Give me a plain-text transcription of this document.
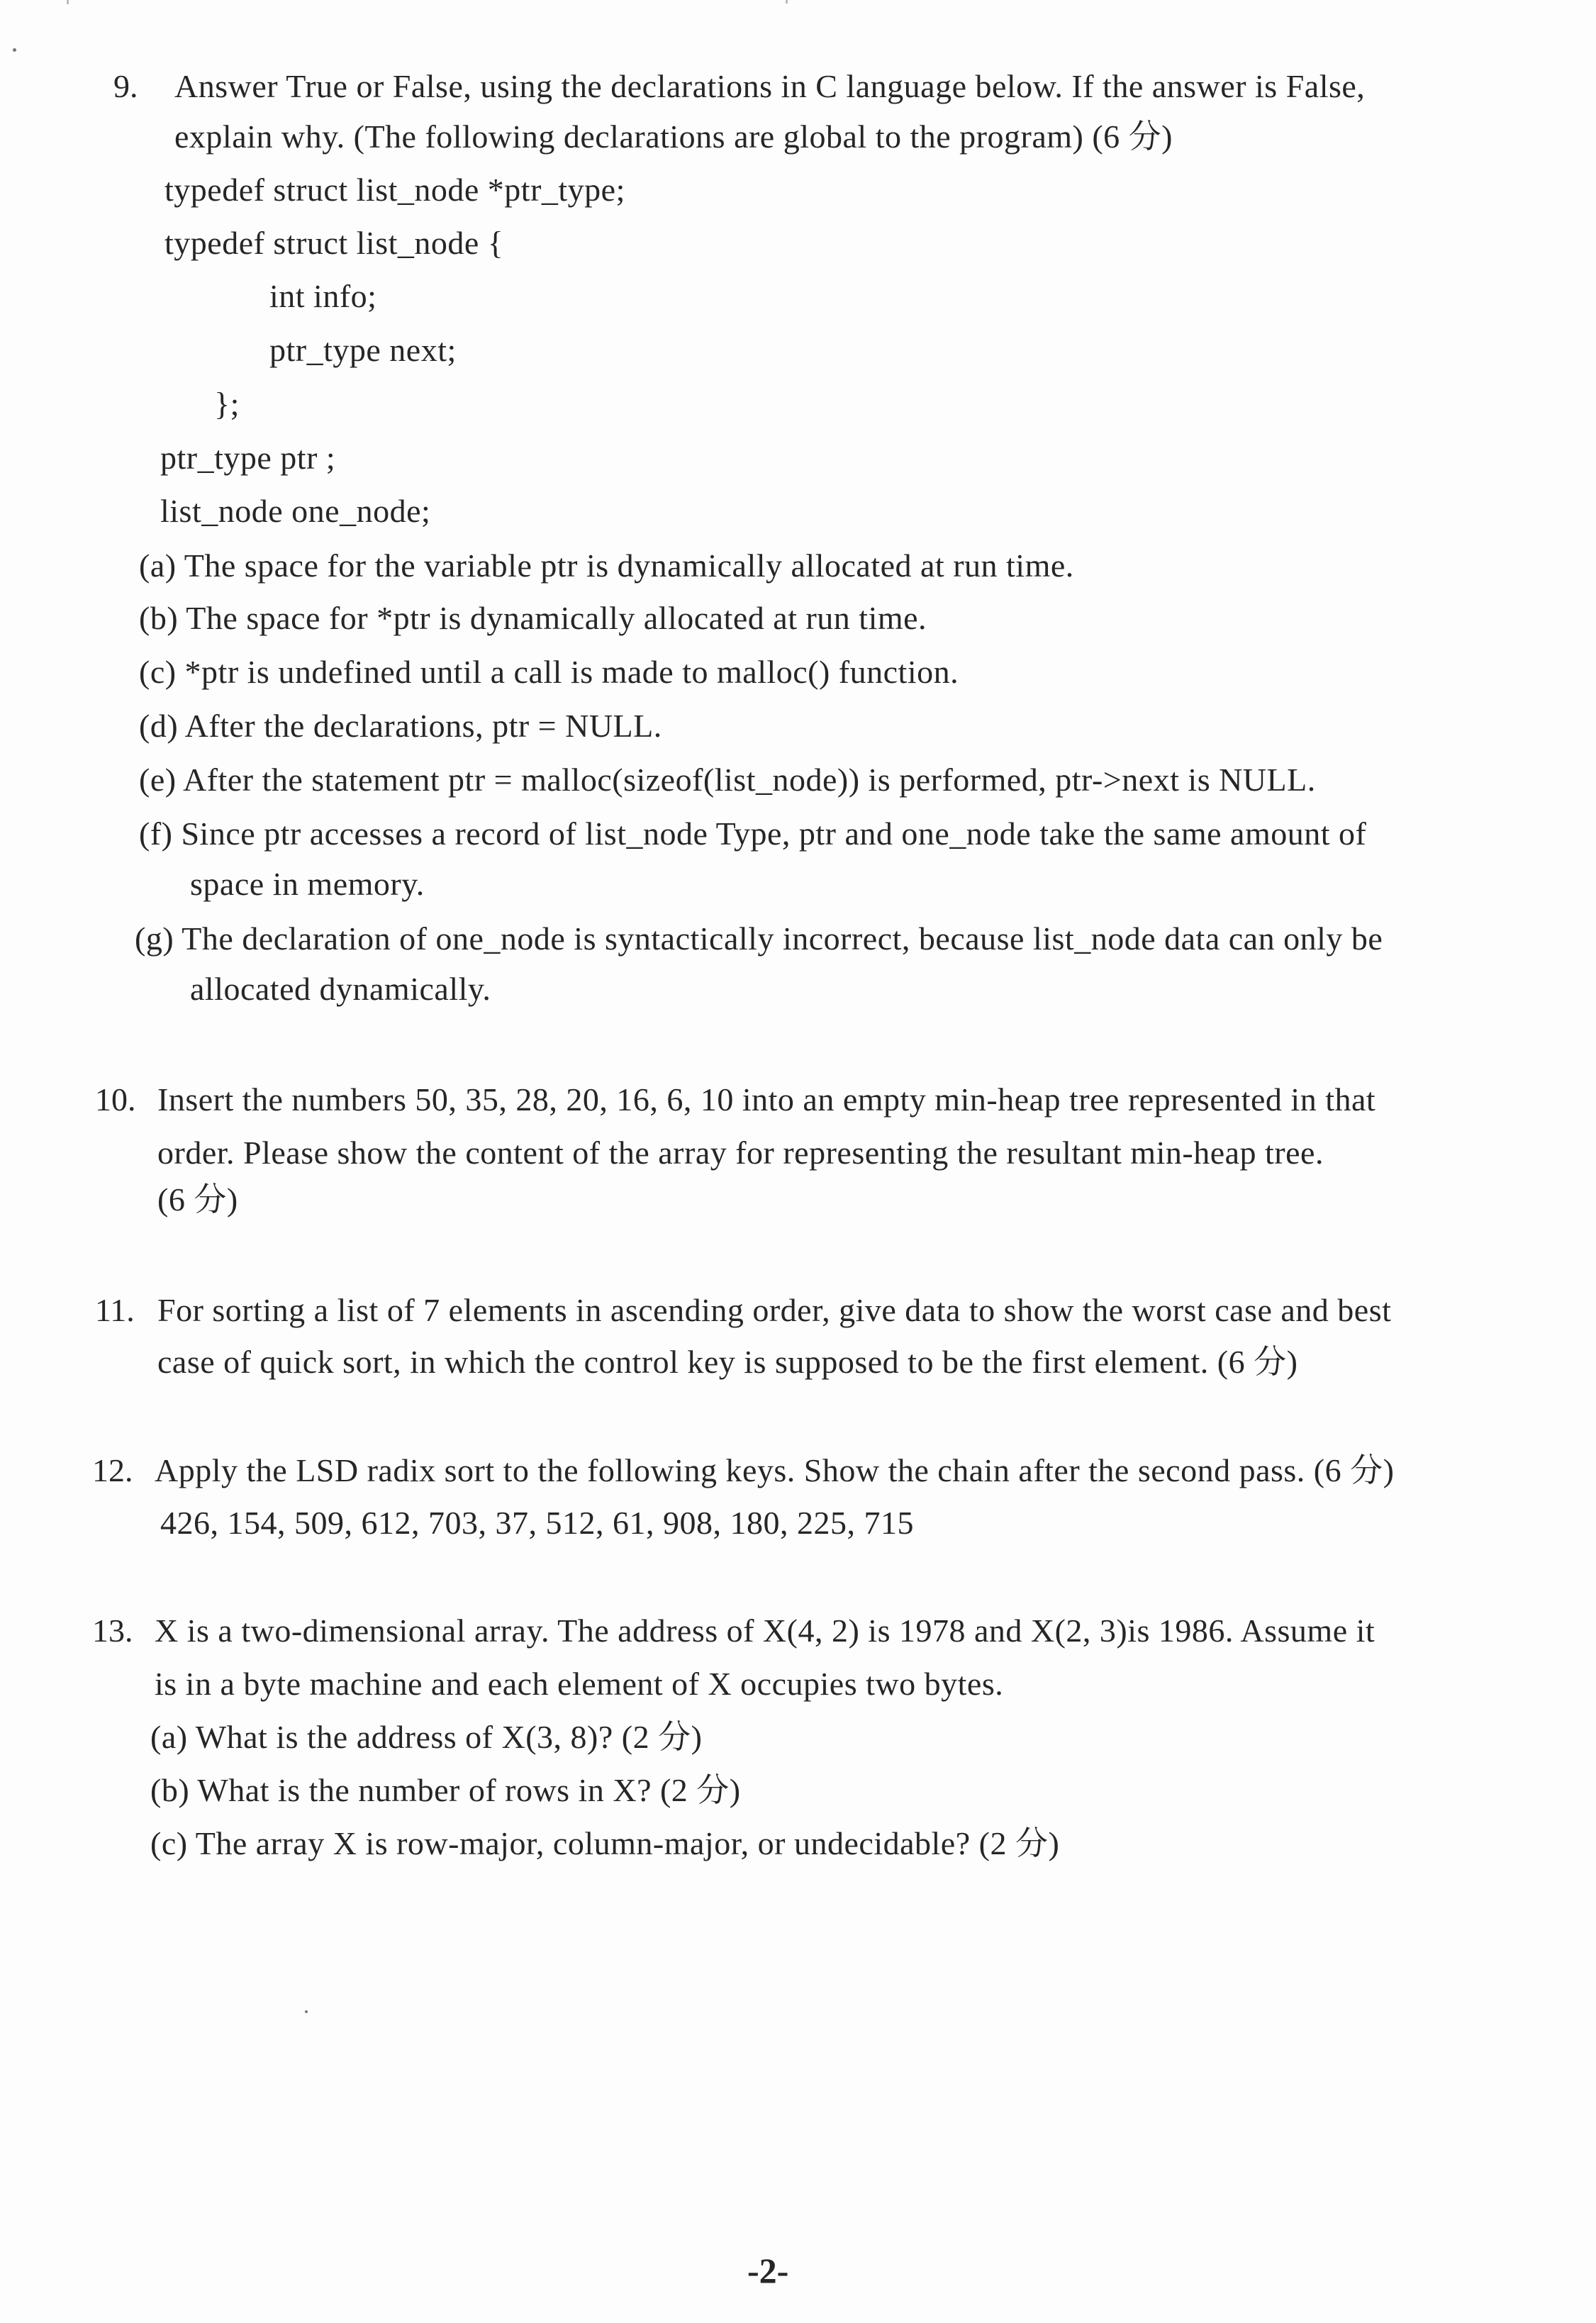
9. Answer True or False, using the declarations in C language below. If the answer is False,
explain why. (The following declarations are global to the program) (6 分)
typedef struct list_node *ptr_type;
typedef struct list_node {
int info;
ptr_type next;
};
ptr_type ptr ;
list_node one_node;
(a) The space for the variable ptr is dynamically allocated at run time.
(b) The space for *ptr is dynamically allocated at run time.
(c) *ptr is undefined until a call is made to malloc() function.
(d) After the declarations, ptr = NULL.
(e) After the statement ptr = malloc(sizeof(list_node)) is performed, ptr->next is NULL.
(f) Since ptr accesses a record of list_node Type, ptr and one_node take the same amount of
space in memory.
(g) The declaration of one_node is syntactically incorrect, because list_node data can only be
allocated dynamically.
10. Insert the numbers 50, 35, 28, 20, 16, 6, 10 into an empty min-heap tree represented in that
order. Please show the content of the array for representing the resultant min-heap tree.
(6 分)
11. For sorting a list of 7 elements in ascending order, give data to show the worst case and best
case of quick sort, in which the control key is supposed to be the first element. (6 分)
12. Apply the LSD radix sort to the following keys. Show the chain after the second pass. (6 分)
426, 154, 509, 612, 703, 37, 512, 61, 908, 180, 225, 715
13. X is a two-dimensional array. The address of X(4, 2) is 1978 and X(2, 3)is 1986. Assume it
is in a byte machine and each element of X occupies two bytes.
(a) What is the address of X(3, 8)? (2 分)
(b) What is the number of rows in X? (2 分)
(c) The array X is row-major, column-major, or undecidable? (2 分)
-2-
